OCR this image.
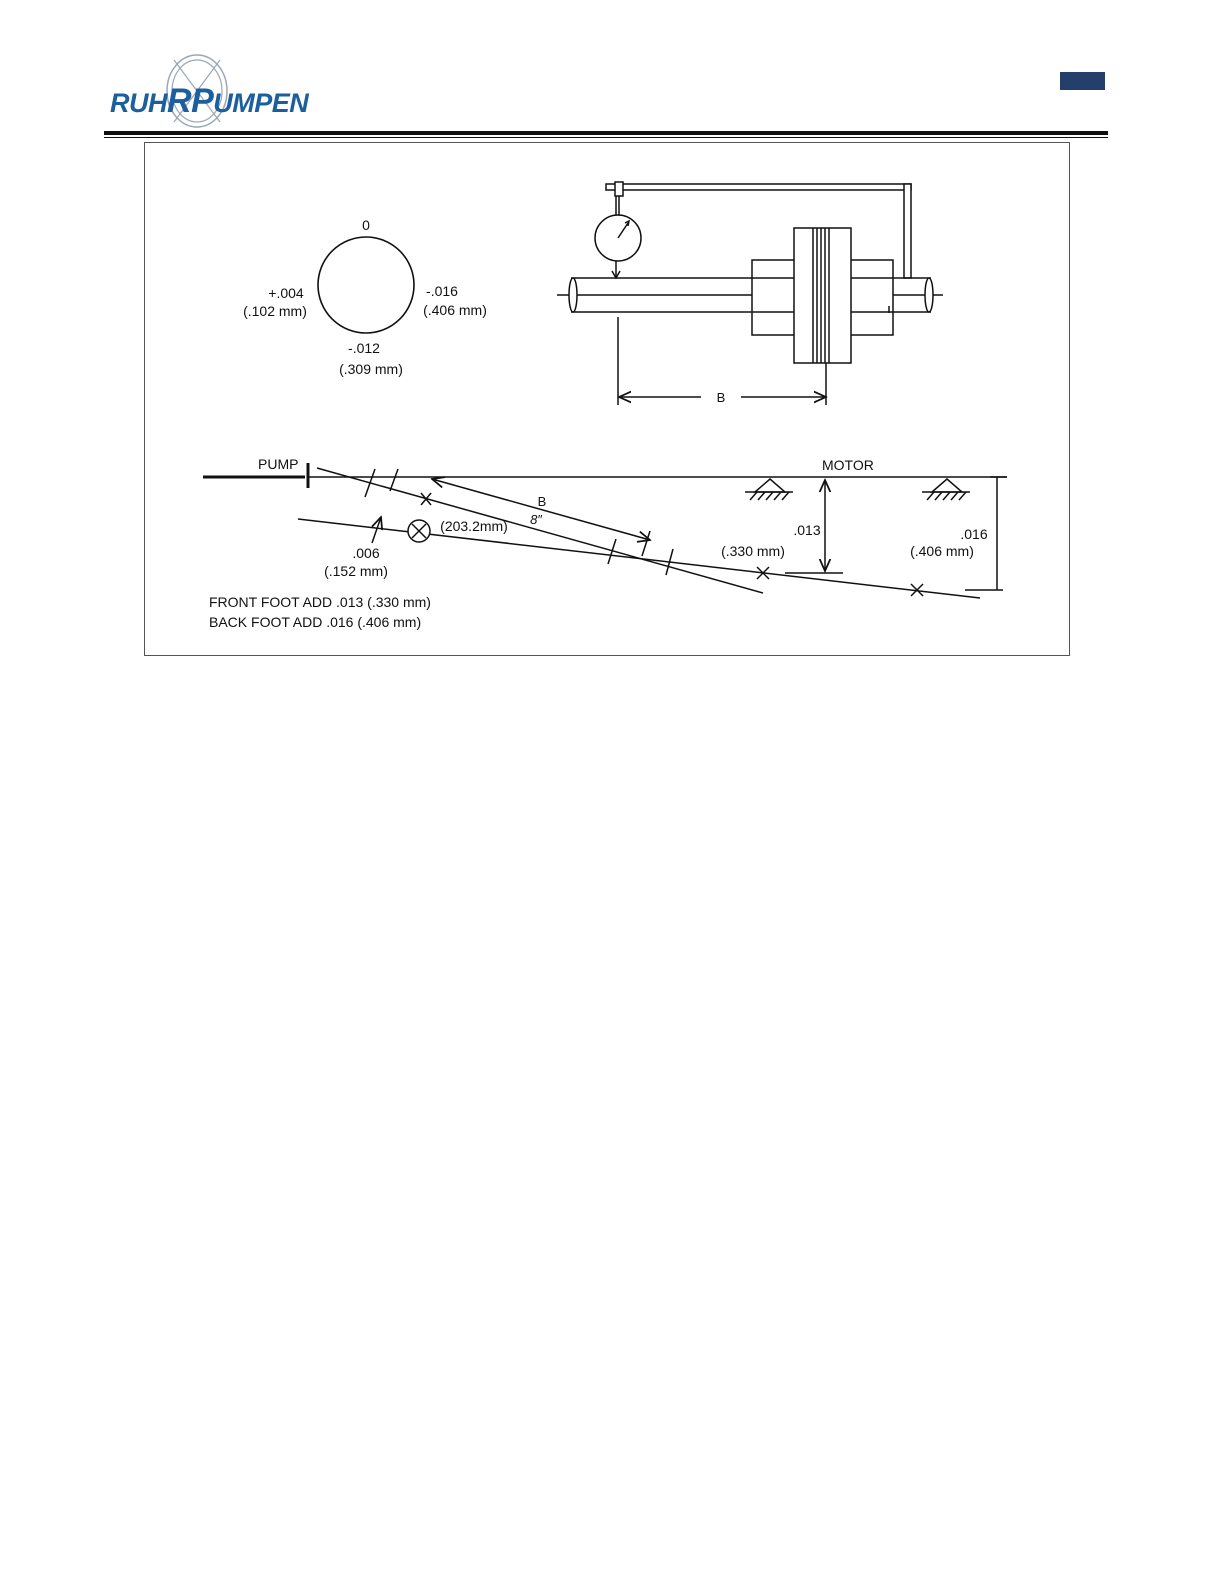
RUHRPUMPEN
0
+.004
(.102 mm)
-.016
(.406 mm)
-.012
(.309 mm)
B
PUMP	MOTOR
B
8″
(203.2mm)
.006
(.152 mm)
.013
(.330 mm)
.016
(.406 mm)
FRONT FOOT ADD .013 (.330 mm)
BACK FOOT ADD .016 (.406 mm)
